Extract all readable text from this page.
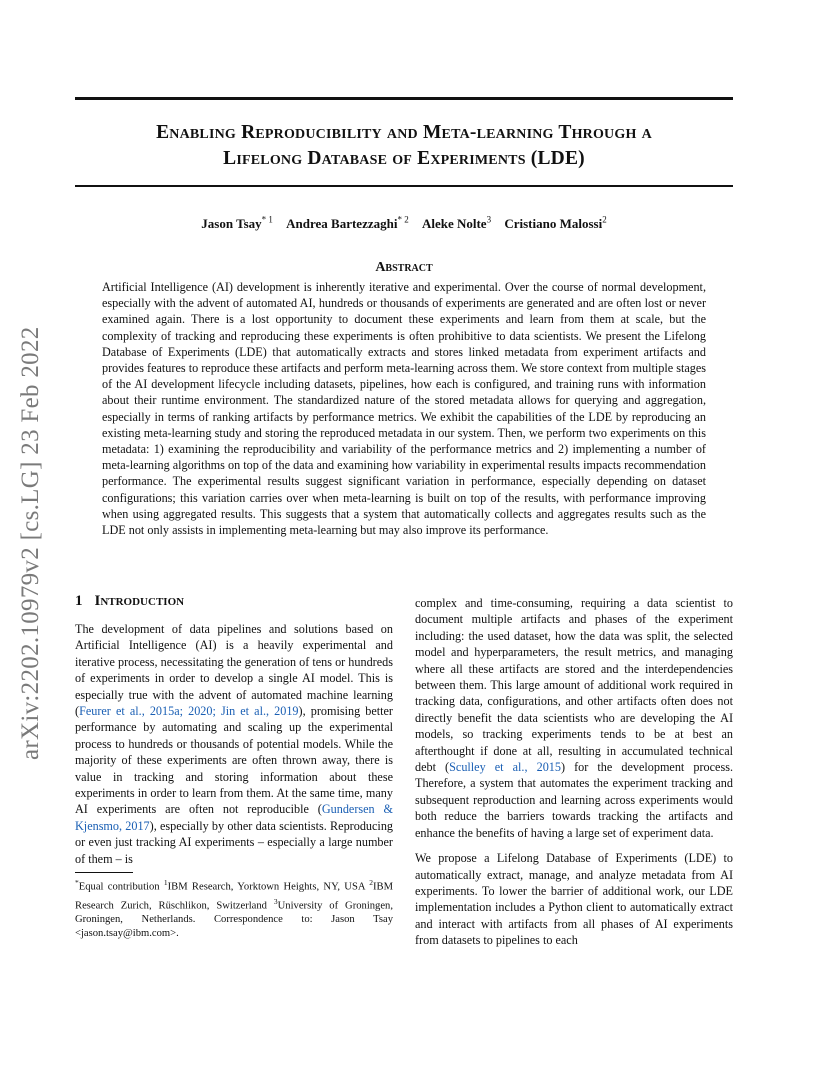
Enabling Reproducibility and Meta-learning Through a
Lifelong Database of Experiments (LDE)
Jason Tsay$^{* 1}$ Andrea Bartezzaghi$^{* 2}$ Aleke Nolte$^3$ Cristiano Malossi$^2$
arXiv:2202.10979v2 [cs.LG] 23 Feb 2022
Abstract
Artificial Intelligence (AI) development is inherently iterative and experimental. Over the course of normal development, especially with the advent of automated AI, hundreds or thousands of experiments are generated and are often lost or never examined again. There is a lost opportunity to document these experiments and learn from them at scale, but the complexity of tracking and reproducing these experiments is often prohibitive to data scientists. We present the Lifelong Database of Experiments (LDE) that automatically extracts and stores linked metadata from experiment artifacts and provides features to reproduce these artifacts and perform meta-learning across them. We store context from multiple stages of the AI development lifecycle including datasets, pipelines, how each is configured, and training runs with information about their runtime environment. The standardized nature of the stored metadata allows for querying and aggregation, especially in terms of ranking artifacts by performance metrics. We exhibit the capabilities of the LDE by reproducing an existing meta-learning study and storing the reproduced metadata in our system. Then, we perform two experiments on this metadata: 1) examining the reproducibility and variability of the performance metrics and 2) implementing a number of meta-learning algorithms on top of the data and examining how variability in experimental results impacts recommendation performance. The experimental results suggest significant variation in performance, especially depending on dataset configurations; this variation carries over when meta-learning is built on top of the results, with performance improving when using aggregated results. This suggests that a system that automatically collects and aggregates results such as the LDE not only assists in implementing meta-learning but may also improve its performance.
1 Introduction

The development of data pipelines and solutions based on Artificial Intelligence (AI) is a heavily experimental and iterative process, necessitating the generation of tens or hundreds of experiments in order to develop a single AI model. This is especially true with the advent of automated machine learning (Feurer et al., 2015a; 2020; Jin et al., 2019), promising better performance by automating and scaling up the experimental process to hundreds or thousands of potential models. While the majority of these experiments are often thrown away, there is value in tracking and storing information about these experiments in order to learn from them. At the same time, many AI experiments are often not reproducible (Gundersen & Kjensmo, 2017), especially by other data scientists. Reproducing or even just tracking AI experiments – especially a large number of them – is

*Equal contribution $^1$IBM Research, Yorktown Heights, NY, USA $^2$IBM Research Zurich, Rüschlikon, Switzerland $^3$University of Groningen, Groningen, Netherlands. Correspondence to: Jason Tsay <jason.tsay@ibm.com>.

complex and time-consuming, requiring a data scientist to document multiple artifacts and phases of the experiment including: the used dataset, how the data was split, the selected model and hyperparameters, the result metrics, and managing where all these artifacts are stored and the interdependencies between them. This large amount of additional work required in tracking data, configurations, and other artifacts often does not directly benefit the data scientists who are developing the AI models, so tracking experiments tends to be at best an afterthought if done at all, resulting in accumulated technical debt (Sculley et al., 2015) for the development process. Therefore, a system that automates the experiment tracking and subsequent reproduction and learning across experiments would both reduce the barriers towards tracking the artifacts and enhance the benefits of having a large set of experiment data.

We propose a Lifelong Database of Experiments (LDE) to automatically extract, manage, and analyze metadata from AI experiments. To lower the barrier of additional work, our LDE implementation includes a Python client to automatically extract and interact with artifacts from all phases of AI experiments from datasets to pipelines to each
